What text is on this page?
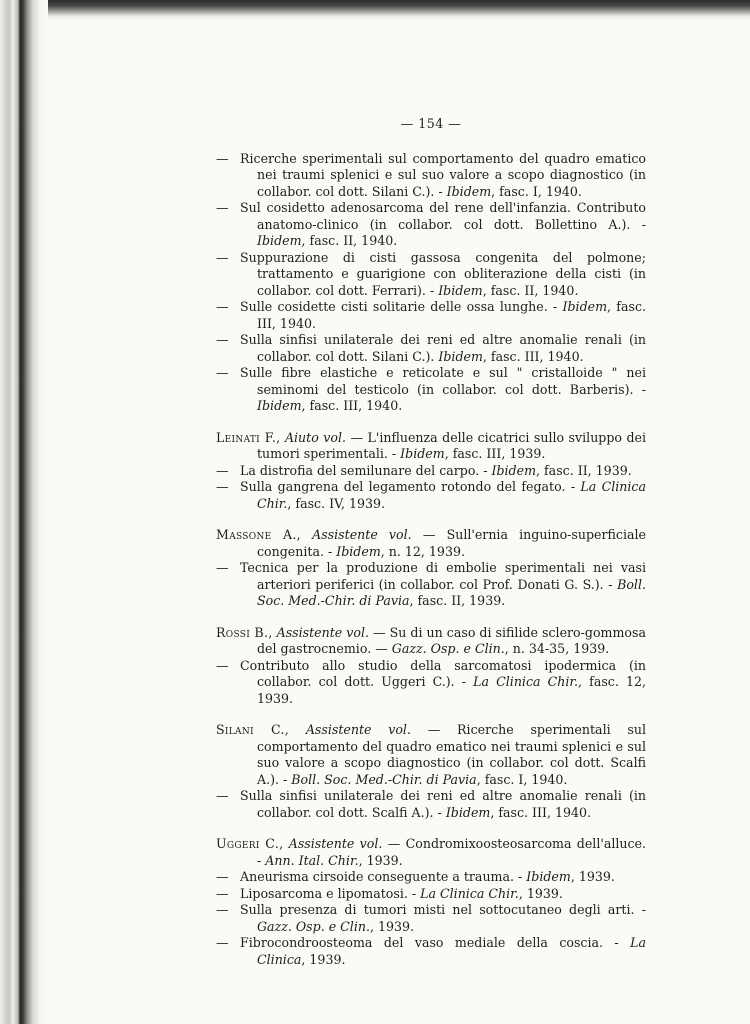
— 154 —
— Ricerche sperimentali sul comportamento del quadro ematico nei traumi splenici e sul suo valore a scopo diagnostico (in collabor. col dott. Silani C.). - Ibidem, fasc. I, 1940.
— Sul cosidetto adenosarcoma del rene dell'infanzia. Contributo anatomo-clinico (in collabor. col dott. Bollettino A.). - Ibidem, fasc. II, 1940.
— Suppurazione di cisti gassosa congenita del polmone; trattamento e guarigione con obliterazione della cisti (in collabor. col dott. Ferrari). - Ibidem, fasc. II, 1940.
— Sulle cosidette cisti solitarie delle ossa lunghe. - Ibidem, fasc. III, 1940.
— Sulla sinfisi unilaterale dei reni ed altre anomalie renali (in collabor. col dott. Silani C.). Ibidem, fasc. III, 1940.
— Sulle fibre elastiche e reticolate e sul " cristalloide " nei seminomi del testicolo (in collabor. col dott. Barberis). - Ibidem, fasc. III, 1940.
Leinati F., Aiuto vol. — L'influenza delle cicatrici sullo sviluppo dei tumori sperimentali. - Ibidem, fasc. III, 1939.
— La distrofia del semilunare del carpo. - Ibidem, fasc. II, 1939.
— Sulla gangrena del legamento rotondo del fegato. - La Clinica Chir., fasc. IV, 1939.
Massone A., Assistente vol. — Sull'ernia inguino-superficiale congenita. - Ibidem, n. 12, 1939.
— Tecnica per la produzione di embolie sperimentali nei vasi arteriori periferici (in collabor. col Prof. Donati G. S.). - Boll. Soc. Med.-Chir. di Pavia, fasc. II, 1939.
Rossi B., Assistente vol. — Su di un caso di sifilide sclero-gommosa del gastrocnemio. — Gazz. Osp. e Clin., n. 34-35, 1939.
— Contributo allo studio della sarcomatosi ipodermica (in collabor. col dott. Uggeri C.). - La Clinica Chir., fasc. 12, 1939.
Silani C., Assistente vol. — Ricerche sperimentali sul comportamento del quadro ematico nei traumi splenici e sul suo valore a scopo diagnostico (in collabor. col dott. Scalfi A.). - Boll. Soc. Med.-Chir. di Pavia, fasc. I, 1940.
— Sulla sinfisi unilaterale dei reni ed altre anomalie renali (in collabor. col dott. Scalfi A.). - Ibidem, fasc. III, 1940.
Uggeri C., Assistente vol. — Condromixoosteosarcoma dell'alluce. - Ann. Ital. Chir., 1939.
— Aneurisma cirsoide conseguente a trauma. - Ibidem, 1939.
— Liposarcoma e lipomatosi. - La Clinica Chir., 1939.
— Sulla presenza di tumori misti nel sottocutaneo degli arti. - Gazz. Osp. e Clin., 1939.
— Fibrocondroosteoma del vaso mediale della coscia. - La Clinica, 1939.
